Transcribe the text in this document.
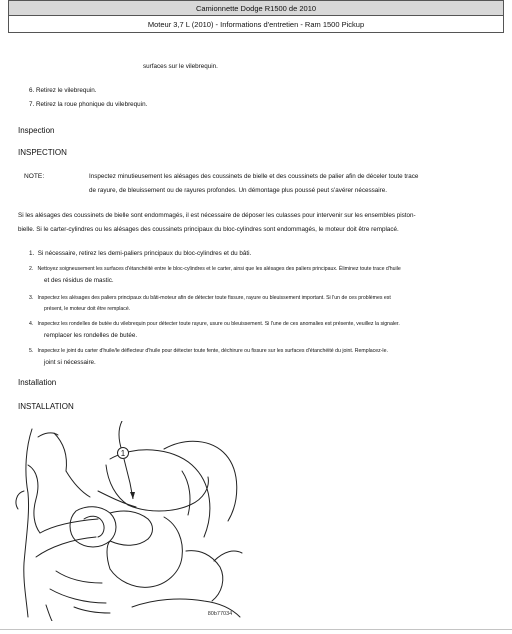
Camionnette Dodge R1500 de 2010
Moteur 3,7 L (2010) - Informations d'entretien - Ram 1500 Pickup
surfaces sur le vilebrequin.
6. Retirez le vilebrequin.
7. Retirez la roue phonique du vilebrequin.
Inspection
INSPECTION
NOTE:	Inspectez minutieusement les alésages des coussinets de bielle et des coussinets de palier afin de déceler toute trace
de rayure, de bleuissement ou de rayures profondes. Un démontage plus poussé peut s'avérer nécessaire.
Si les alésages des coussinets de bielle sont endommagés, il est nécessaire de déposer les culasses pour intervenir sur les ensembles piston-
bielle. Si le carter-cylindres ou les alésages des coussinets principaux du bloc-cylindres sont endommagés, le moteur doit être remplacé.
1. Si nécessaire, retirez les demi-paliers principaux du bloc-cylindres et du bâti.
2. Nettoyez soigneusement les surfaces d'étanchéité entre le bloc-cylindres et le carter, ainsi que les alésages des paliers principaux. Éliminez toute trace d'huile
et des résidus de mastic.
3. Inspectez les alésages des paliers principaux du bâti-moteur afin de détecter toute fissure, rayure ou bleuissement important. Si l'un de ces problèmes est
présent, le moteur doit être remplacé.
4. Inspectez les rondelles de butée du vilebrequin pour détecter toute rayure, usure ou bleuissement. Si l'une de ces anomalies est présente, veuillez la signaler.
remplacer les rondelles de butée.
5. Inspectez le joint du carter d'huile/le déflecteur d'huile pour détecter toute fente, déchirure ou fissure sur les surfaces d'étanchéité du joint. Remplacez-le.
joint si nécessaire.
Installation
INSTALLATION
1
80b77034
